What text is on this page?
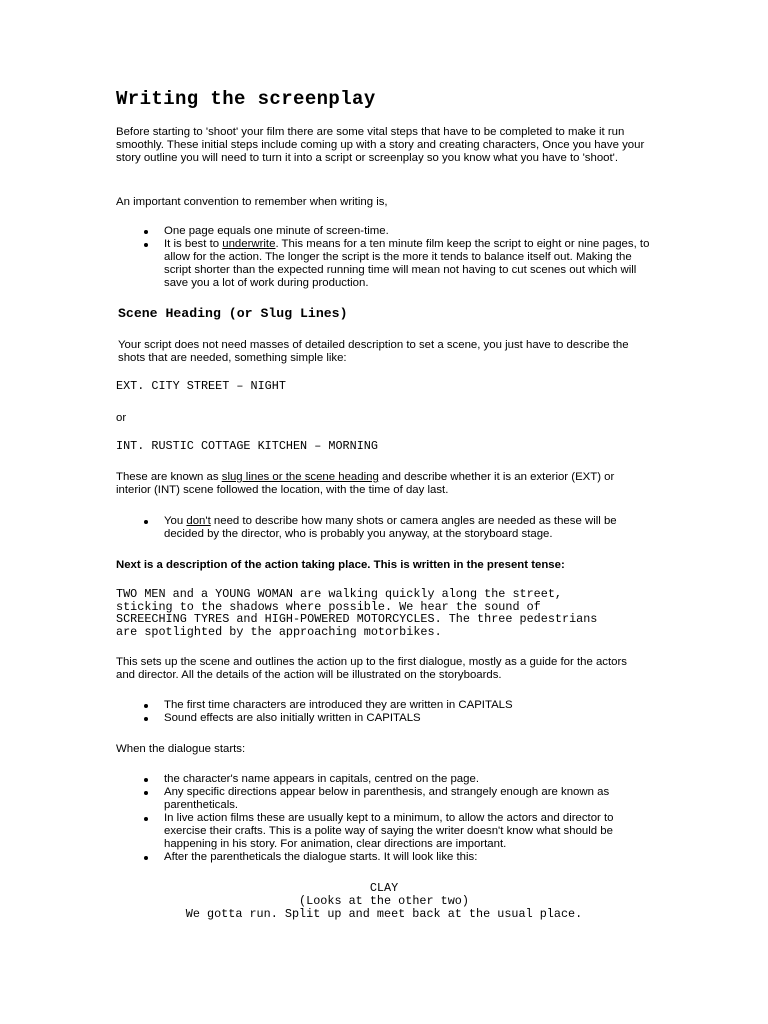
Writing the screenplay
Before starting to 'shoot' your film there are some vital steps that have to be completed to make it run smoothly. These initial steps include coming up with a story and creating characters, Once you have your story outline you will need to turn it into a script or screenplay so you know what you have to 'shoot'.
An important convention to remember when writing is,
One page equals one minute of screen-time.
It is best to underwrite. This means for a ten minute film keep the script to eight or nine pages, to allow for the action. The longer the script is the more it tends to balance itself out. Making the script shorter than the expected running time will mean not having to cut scenes out which will save you a lot of work during production.
Scene Heading (or Slug Lines)
Your script does not need masses of detailed description to set a scene, you just have to describe the shots that are needed, something simple like:
EXT. CITY STREET – NIGHT
or
INT. RUSTIC COTTAGE KITCHEN – MORNING
These are known as slug lines or the scene heading and describe whether it is an exterior (EXT) or interior (INT) scene followed the location, with the time of day last.
You don't need to describe how many shots or camera angles are needed as these will be decided by the director, who is probably you anyway, at the storyboard stage.
Next is a description of the action taking place. This is written in the present tense:
TWO MEN and a YOUNG WOMAN are walking quickly along the street,
sticking to the shadows where possible. We hear the sound of
SCREECHING TYRES and HIGH-POWERED MOTORCYCLES. The three pedestrians
are spotlighted by the approaching motorbikes.
This sets up the scene and outlines the action up to the first dialogue, mostly as a guide for the actors and director. All the details of the action will be illustrated on the storyboards.
The first time characters are introduced they are written in CAPITALS
Sound effects are also initially written in CAPITALS
When the dialogue starts:
the character's name appears in capitals, centred on the page.
Any specific directions appear below in parenthesis, and strangely enough are known as parentheticals.
In live action films these are usually kept to a minimum, to allow the actors and director to exercise their crafts. This is a polite way of saying the writer doesn't know what should be happening in his story. For animation, clear directions are important.
After the parentheticals the dialogue starts. It will look like this:
CLAY
(Looks at the other two)
We gotta run. Split up and meet back at the usual place.
